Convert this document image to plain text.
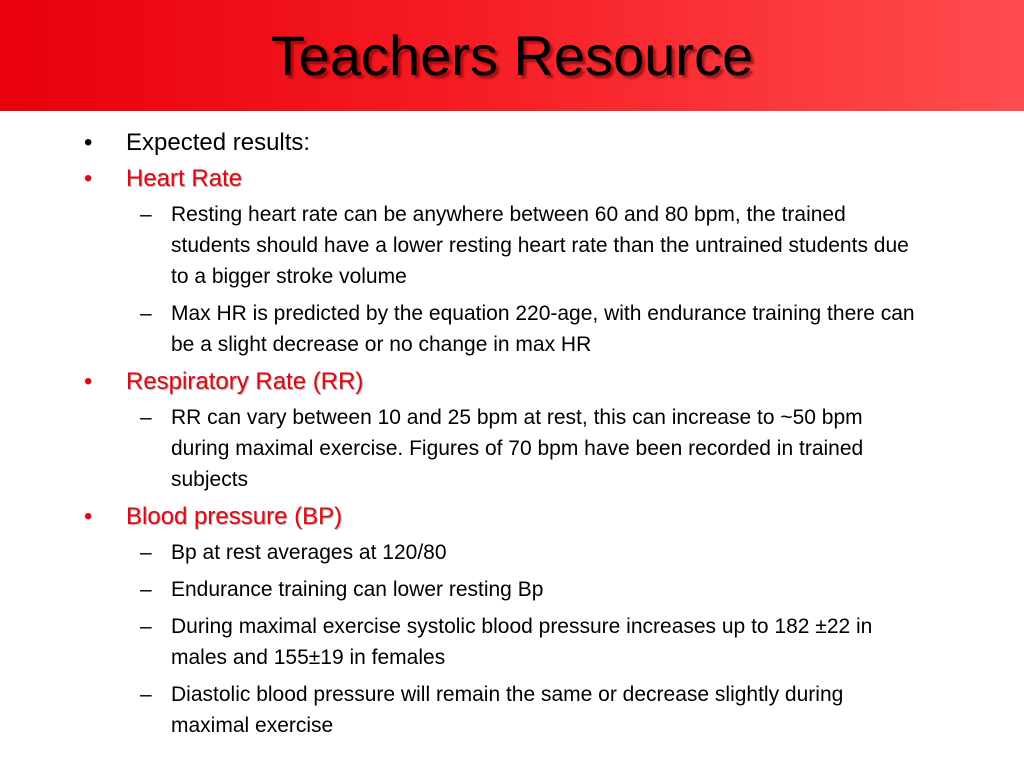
Teachers Resource
• Expected results:
• Heart Rate
– Resting heart rate can be anywhere between 60 and 80 bpm, the trained students should have a lower resting heart rate than the untrained students due to a bigger stroke volume
– Max HR is predicted by the equation 220-age, with endurance training there can be a slight decrease or no change in max HR
• Respiratory Rate (RR)
– RR can vary between 10 and 25 bpm at rest, this can increase to ~50 bpm during maximal exercise. Figures of 70 bpm have been recorded in trained subjects
• Blood pressure (BP)
– Bp at rest averages at 120/80
– Endurance training can lower resting Bp
– During maximal exercise systolic blood pressure increases up to 182 ±22 in males and 155±19 in females
– Diastolic blood pressure will remain the same or decrease slightly during maximal exercise
